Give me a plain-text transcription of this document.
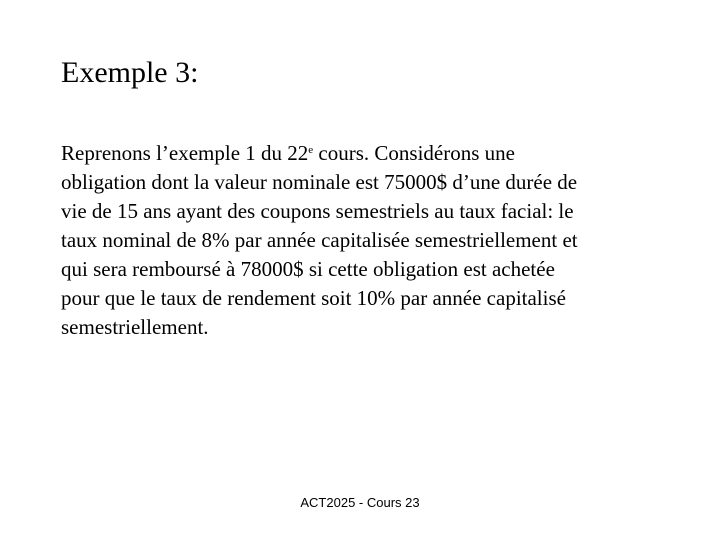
Exemple 3:
Reprenons l’exemple 1 du 22e cours. Considérons une
obligation dont la valeur nominale est 75000$ d’une durée de
vie de 15 ans ayant des coupons semestriels au taux facial: le
taux nominal de 8% par année capitalisée semestriellement et
qui sera remboursé à 78000$ si cette obligation est achetée
pour que le taux de rendement soit 10% par année capitalisé
semestriellement.
ACT2025 - Cours 23
